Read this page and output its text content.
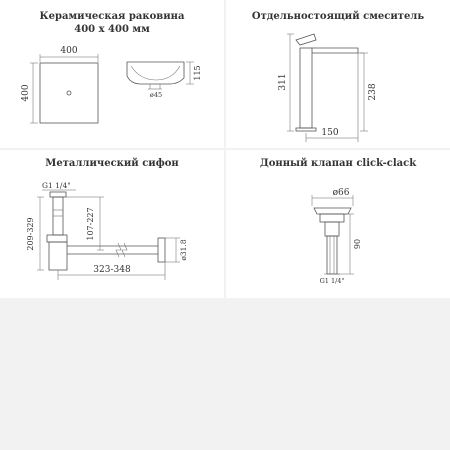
Керамическая раковина
400 x 400 мм
400
400	ø45
115
Отдельностоящий смеситель
311
238
150
Металлический сифон
G1 1/4"
209-329	107-227
ø31.8
323-348
Донный клапан click-clack
ø66
90
G1 1/4"
